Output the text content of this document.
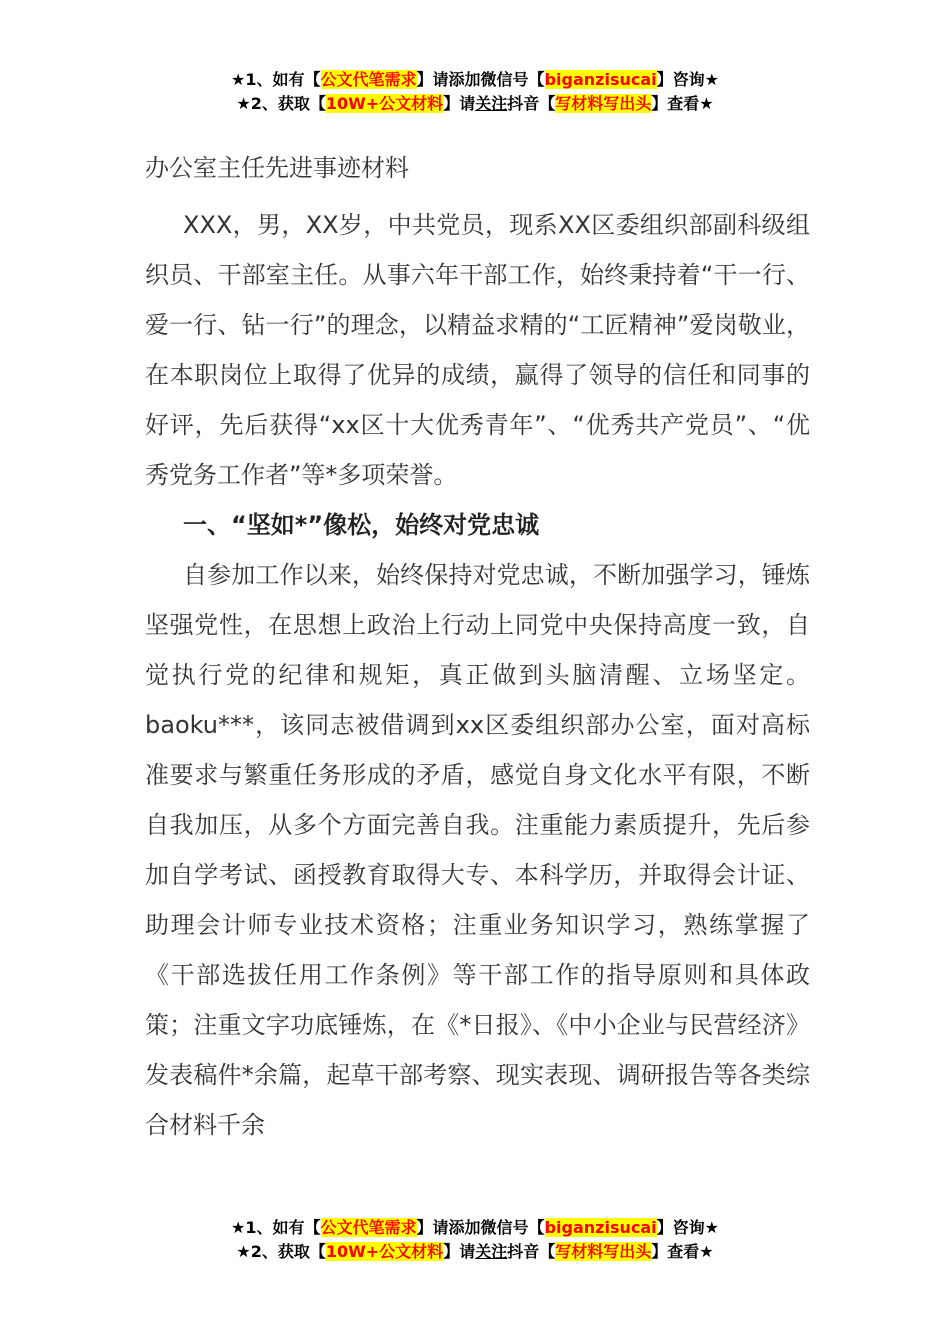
★1、如有【公文代笔需求】请添加微信号【biganzisucai】咨询★
★2、获取【10W+公文材料】请关注抖音【写材料写出头】查看★
办公室主任先进事迹材料

XXX，男，XX岁，中共党员，现系XX区委组织部副科级组织员、干部室主任。从事六年干部工作，始终秉持着“干一行、爱一行、钻一行”的理念，以精益求精的“工匠精神”爱岗敬业，在本职岗位上取得了优异的成绩，赢得了领导的信任和同事的好评，先后获得“xx区十大优秀青年”、“优秀共产党员”、“优秀党务工作者”等*多项荣誉。

一、“坚如*”像松，始终对党忠诚

自参加工作以来，始终保持对党忠诚，不断加强学习，锤炼坚强党性，在思想上政治上行动上同党中央保持高度一致，自觉执行党的纪律和规矩，真正做到头脑清醒、立场坚定。baoku***，该同志被借调到xx区委组织部办公室，面对高标准要求与繁重任务形成的矛盾，感觉自身文化水平有限，不断自我加压，从多个方面完善自我。注重能力素质提升，先后参加自学考试、函授教育取得大专、本科学历，并取得会计证、助理会计师专业技术资格；注重业务知识学习，熟练掌握了《干部选拔任用工作条例》等干部工作的指导原则和具体政策；注重文字功底锤炼，在《*日报》、《中小企业与民营经济》发表稿件*余篇，起草干部考察、现实表现、调研报告等各类综合材料千余

★1、如有【公文代笔需求】请添加微信号【biganzisucai】咨询★
★2、获取【10W+公文材料】请关注抖音【写材料写出头】查看★
